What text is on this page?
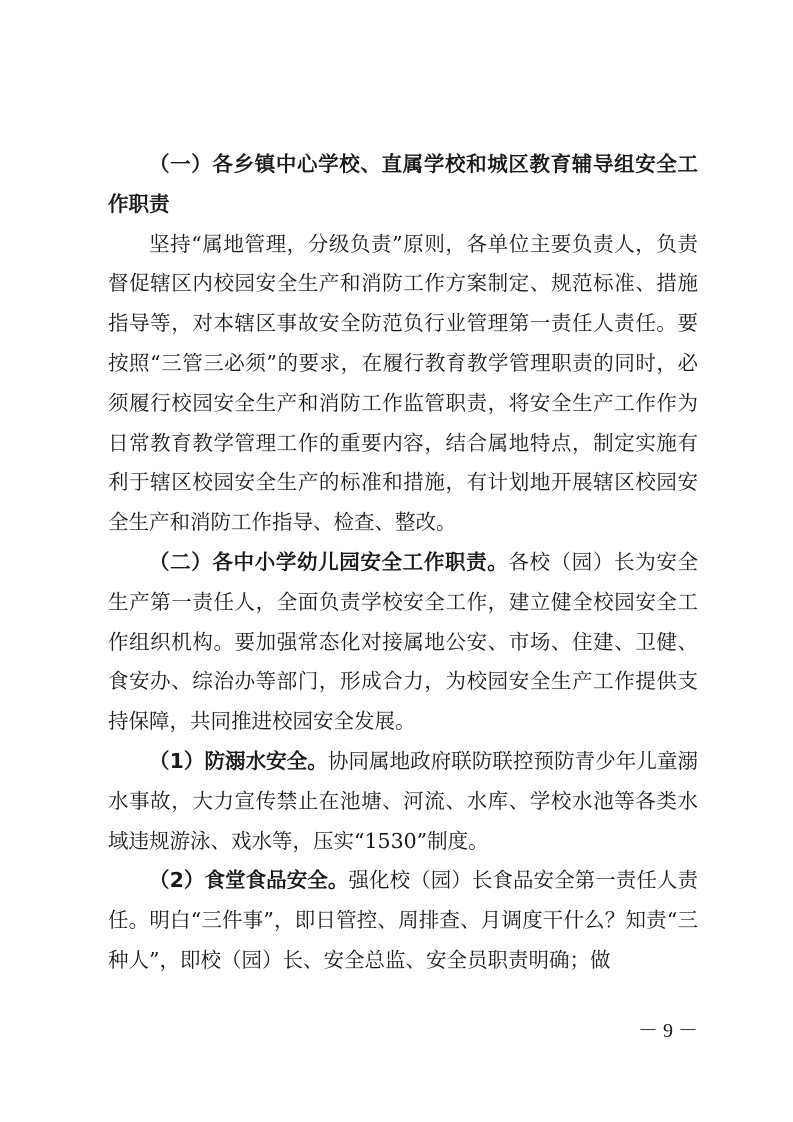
（一）各乡镇中心学校、直属学校和城区教育辅导组安全工作职责

坚持“属地管理，分级负责”原则，各单位主要负责人，负责督促辖区内校园安全生产和消防工作方案制定、规范标准、措施指导等，对本辖区事故安全防范负行业管理第一责任人责任。要按照“三管三必须”的要求，在履行教育教学管理职责的同时，必须履行校园安全生产和消防工作监管职责，将安全生产工作作为日常教育教学管理工作的重要内容，结合属地特点，制定实施有利于辖区校园安全生产的标准和措施，有计划地开展辖区校园安全生产和消防工作指导、检查、整改。

（二）各中小学幼儿园安全工作职责。各校（园）长为安全生产第一责任人，全面负责学校安全工作，建立健全校园安全工作组织机构。要加强常态化对接属地公安、市场、住建、卫健、食安办、综治办等部门，形成合力，为校园安全生产工作提供支持保障，共同推进校园安全发展。

（1）防溺水安全。协同属地政府联防联控预防青少年儿童溺水事故，大力宣传禁止在池塘、河流、水库、学校水池等各类水域违规游泳、戏水等，压实“1530”制度。

（2）食堂食品安全。强化校（园）长食品安全第一责任人责任。明白“三件事”，即日管控、周排查、月调度干什么？知责“三种人”，即校（园）长、安全总监、安全员职责明确；做

－ 9 －
